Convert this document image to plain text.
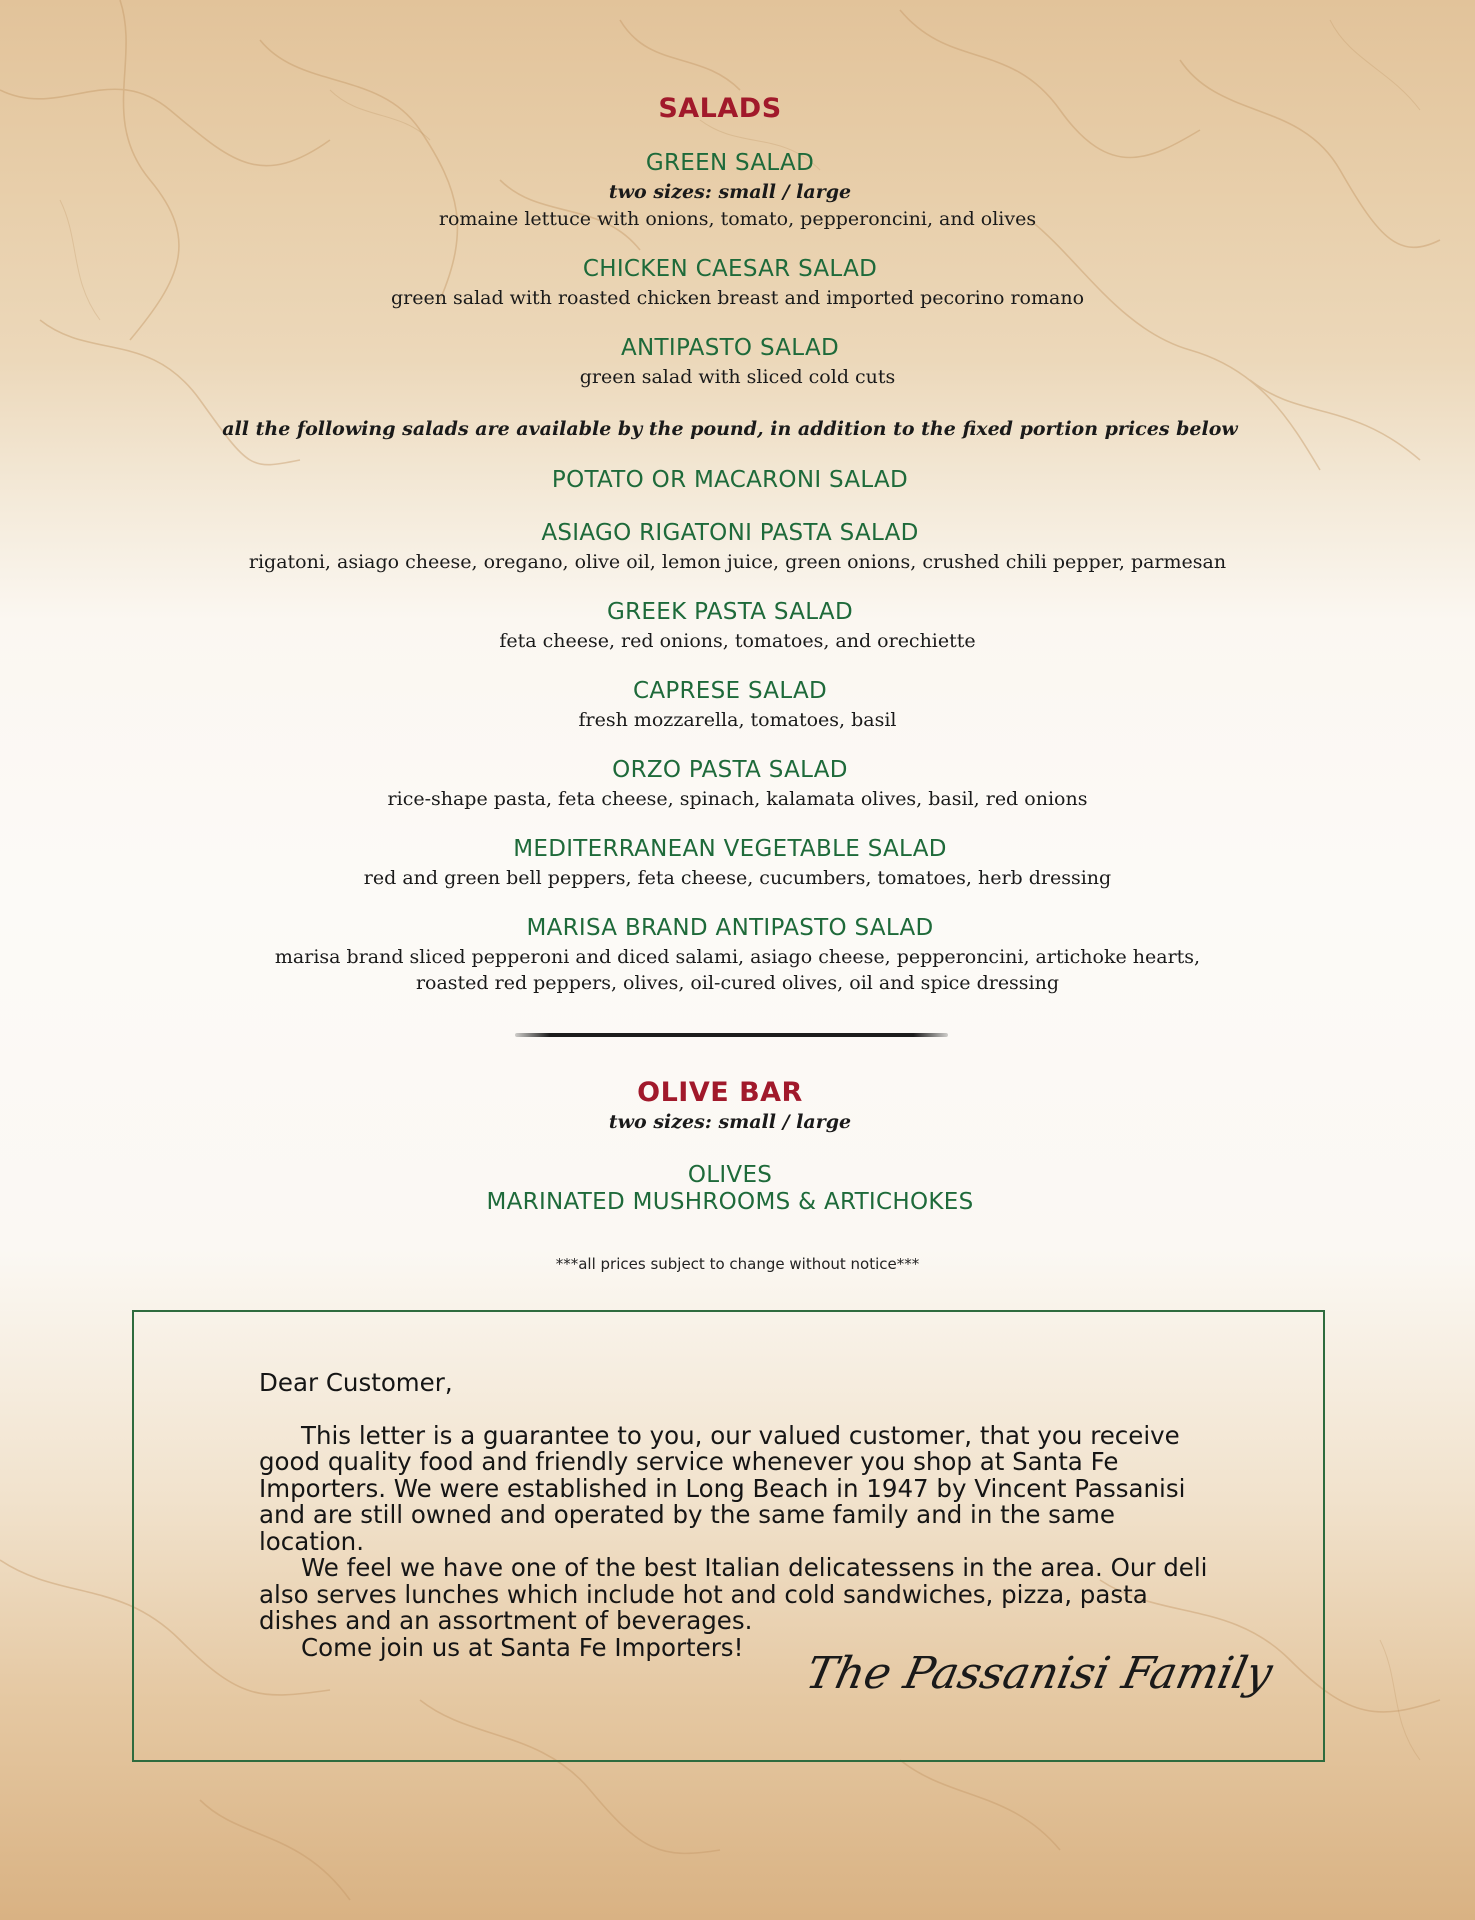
SALADS
GREEN SALAD
two sizes: small / large
romaine lettuce with onions, tomato, pepperoncini, and olives
CHICKEN CAESAR SALAD
green salad with roasted chicken breast and imported pecorino romano
ANTIPASTO SALAD
green salad with sliced cold cuts
all the following salads are available by the pound, in addition to the fixed portion prices below
POTATO OR MACARONI SALAD
ASIAGO RIGATONI PASTA SALAD
rigatoni, asiago cheese, oregano, olive oil, lemon juice, green onions, crushed chili pepper, parmesan
GREEK PASTA SALAD
feta cheese, red onions, tomatoes, and orechiette
CAPRESE SALAD
fresh mozzarella, tomatoes, basil
ORZO PASTA SALAD
rice-shape pasta, feta cheese, spinach, kalamata olives, basil, red onions
MEDITERRANEAN VEGETABLE SALAD
red and green bell peppers, feta cheese, cucumbers, tomatoes, herb dressing
MARISA BRAND ANTIPASTO SALAD
marisa brand sliced pepperoni and diced salami, asiago cheese, pepperoncini, artichoke hearts,
roasted red peppers, olives, oil-cured olives, oil and spice dressing
OLIVE BAR
two sizes: small / large
OLIVES
MARINATED MUSHROOMS & ARTICHOKES
***all prices subject to change without notice***

Dear Customer,

This letter is a guarantee to you, our valued customer, that you receive good quality food and friendly service whenever you shop at Santa Fe Importers. We were established in Long Beach in 1947 by Vincent Passanisi and are still owned and operated by the same family and in the same location.

We feel we have one of the best Italian delicatessens in the area. Our deli also serves lunches which include hot and cold sandwiches, pizza, pasta dishes and an assortment of beverages.

Come join us at Santa Fe Importers!

The Passanisi Family
